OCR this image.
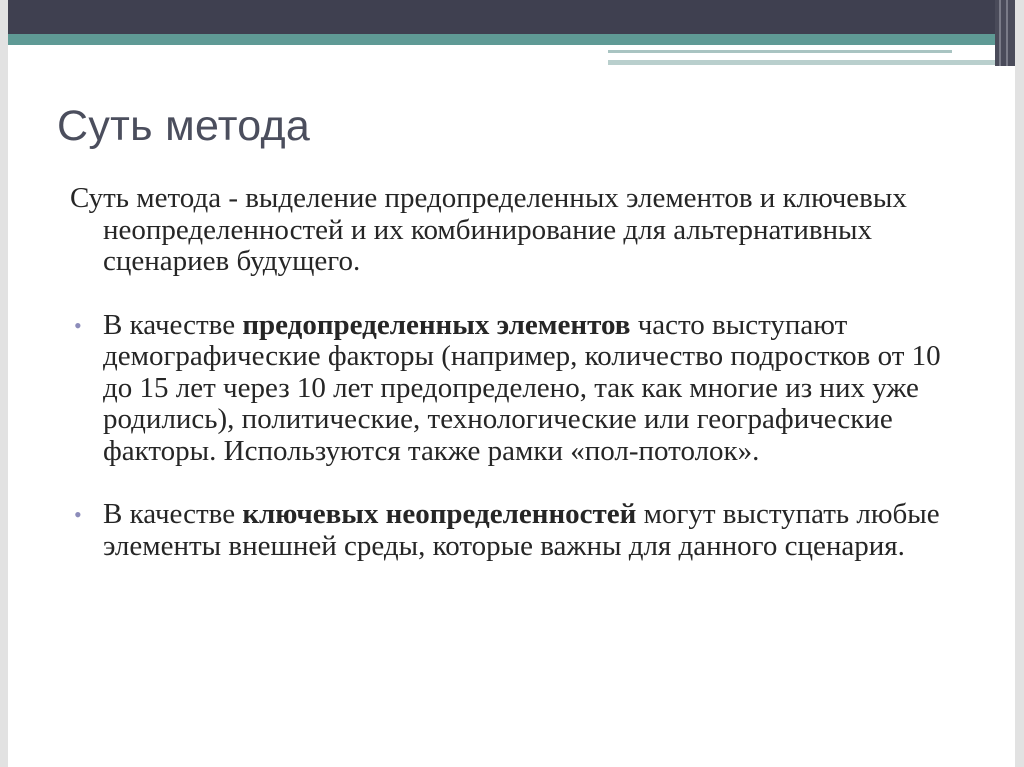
Суть метода

Суть метода - выделение предопределенных элементов и ключевых неопределенностей и их комбинирование для альтернативных сценариев будущего.

• В качестве предопределенных элементов часто выступают демографические факторы (например, количество подростков от 10 до 15 лет через 10 лет предопределено, так как многие из них уже родились), политические, технологические или географические факторы. Используются также рамки «пол-потолок».
• В качестве ключевых неопределенностей могут выступать любые элементы внешней среды, которые важны для данного сценария.
